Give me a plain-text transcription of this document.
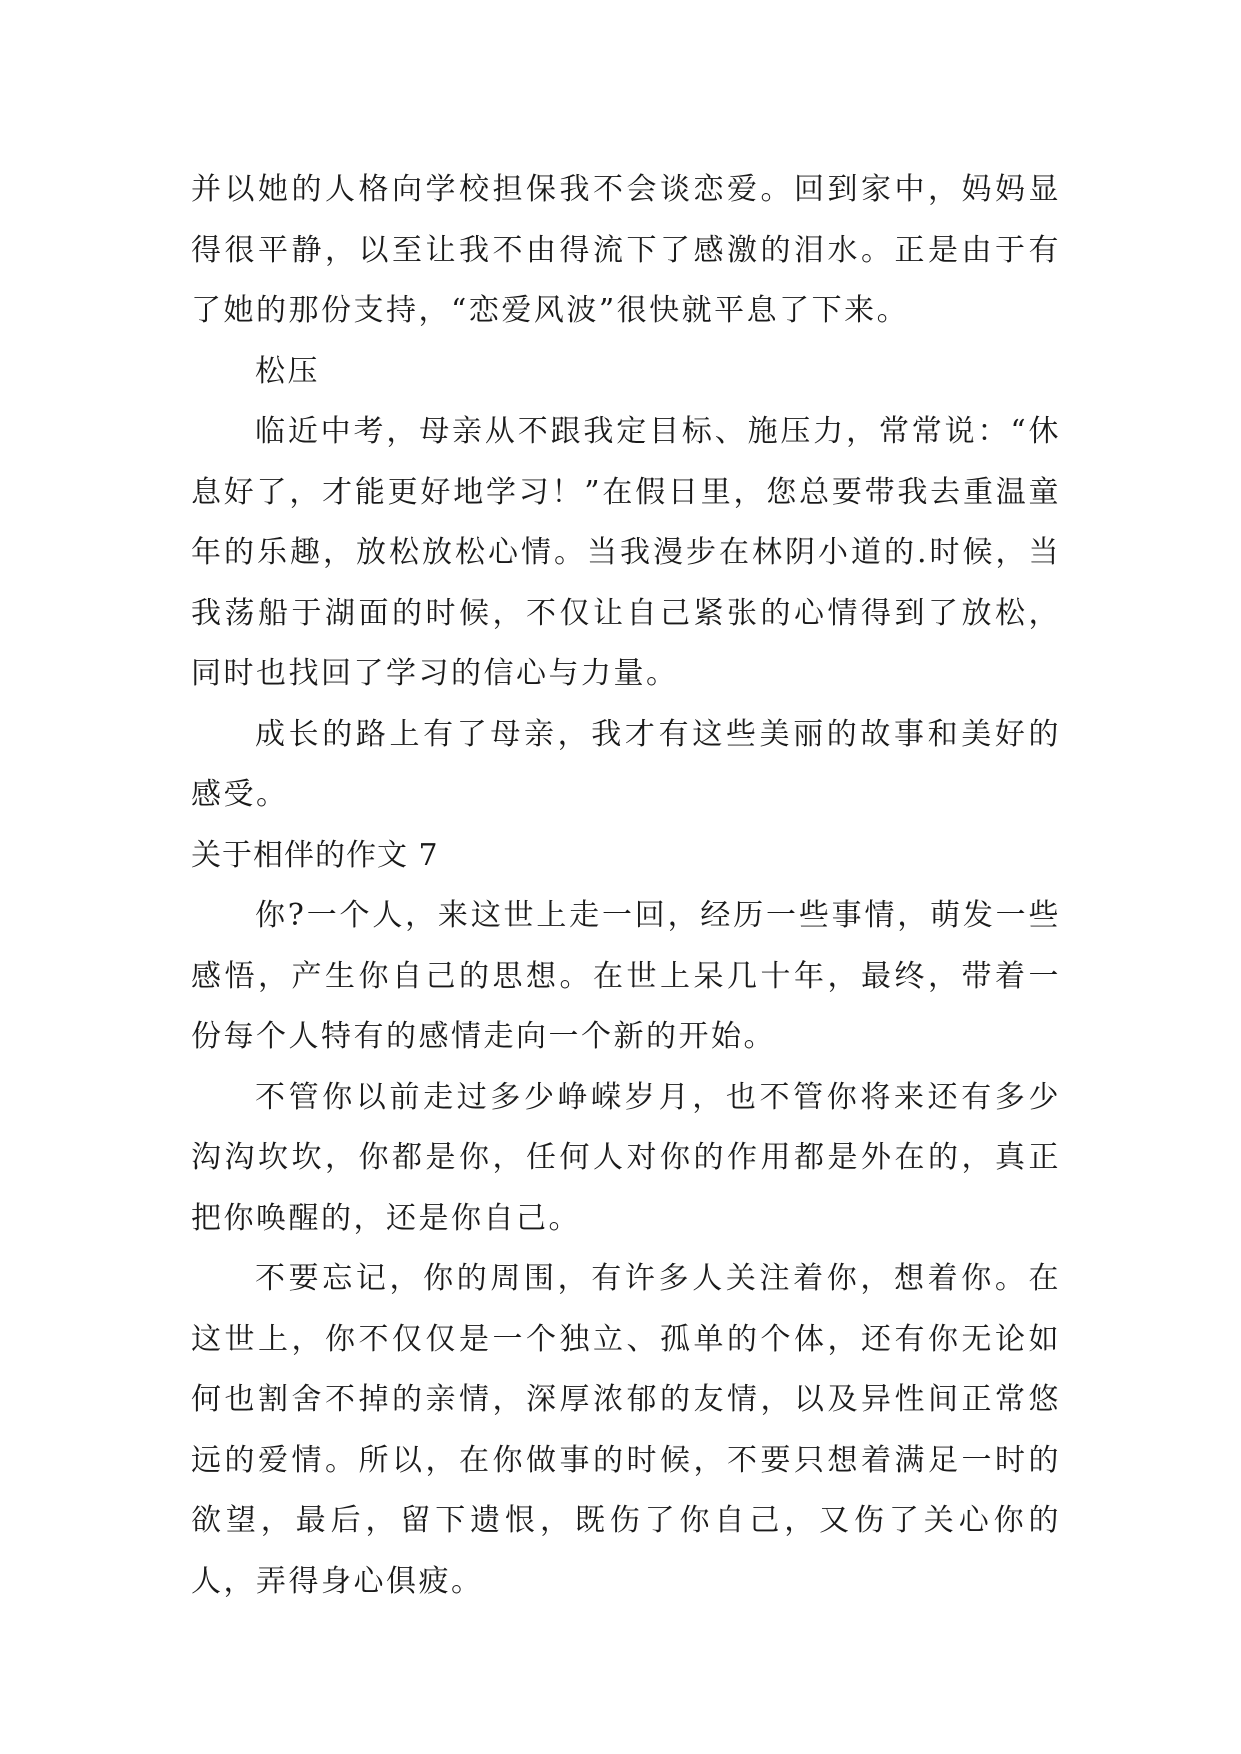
并以她的人格向学校担保我不会谈恋爱。回到家中，妈妈显得很平静，以至让我不由得流下了感激的泪水。正是由于有了她的那份支持，“恋爱风波”很快就平息了下来。

松压

临近中考，母亲从不跟我定目标、施压力，常常说：“休息好了，才能更好地学习！”在假日里，您总要带我去重温童年的乐趣，放松放松心情。当我漫步在林阴小道的.时候，当我荡船于湖面的时候，不仅让自己紧张的心情得到了放松，同时也找回了学习的信心与力量。

成长的路上有了母亲，我才有这些美丽的故事和美好的感受。

关于相伴的作文 7

你?一个人，来这世上走一回，经历一些事情，萌发一些感悟，产生你自己的思想。在世上呆几十年，最终，带着一份每个人特有的感情走向一个新的开始。

不管你以前走过多少峥嵘岁月，也不管你将来还有多少沟沟坎坎，你都是你，任何人对你的作用都是外在的，真正把你唤醒的，还是你自己。

不要忘记，你的周围，有许多人关注着你，想着你。在这世上，你不仅仅是一个独立、孤单的个体，还有你无论如何也割舍不掉的亲情，深厚浓郁的友情，以及异性间正常悠远的爱情。所以，在你做事的时候，不要只想着满足一时的欲望，最后，留下遗恨，既伤了你自己，又伤了关心你的人，弄得身心俱疲。
